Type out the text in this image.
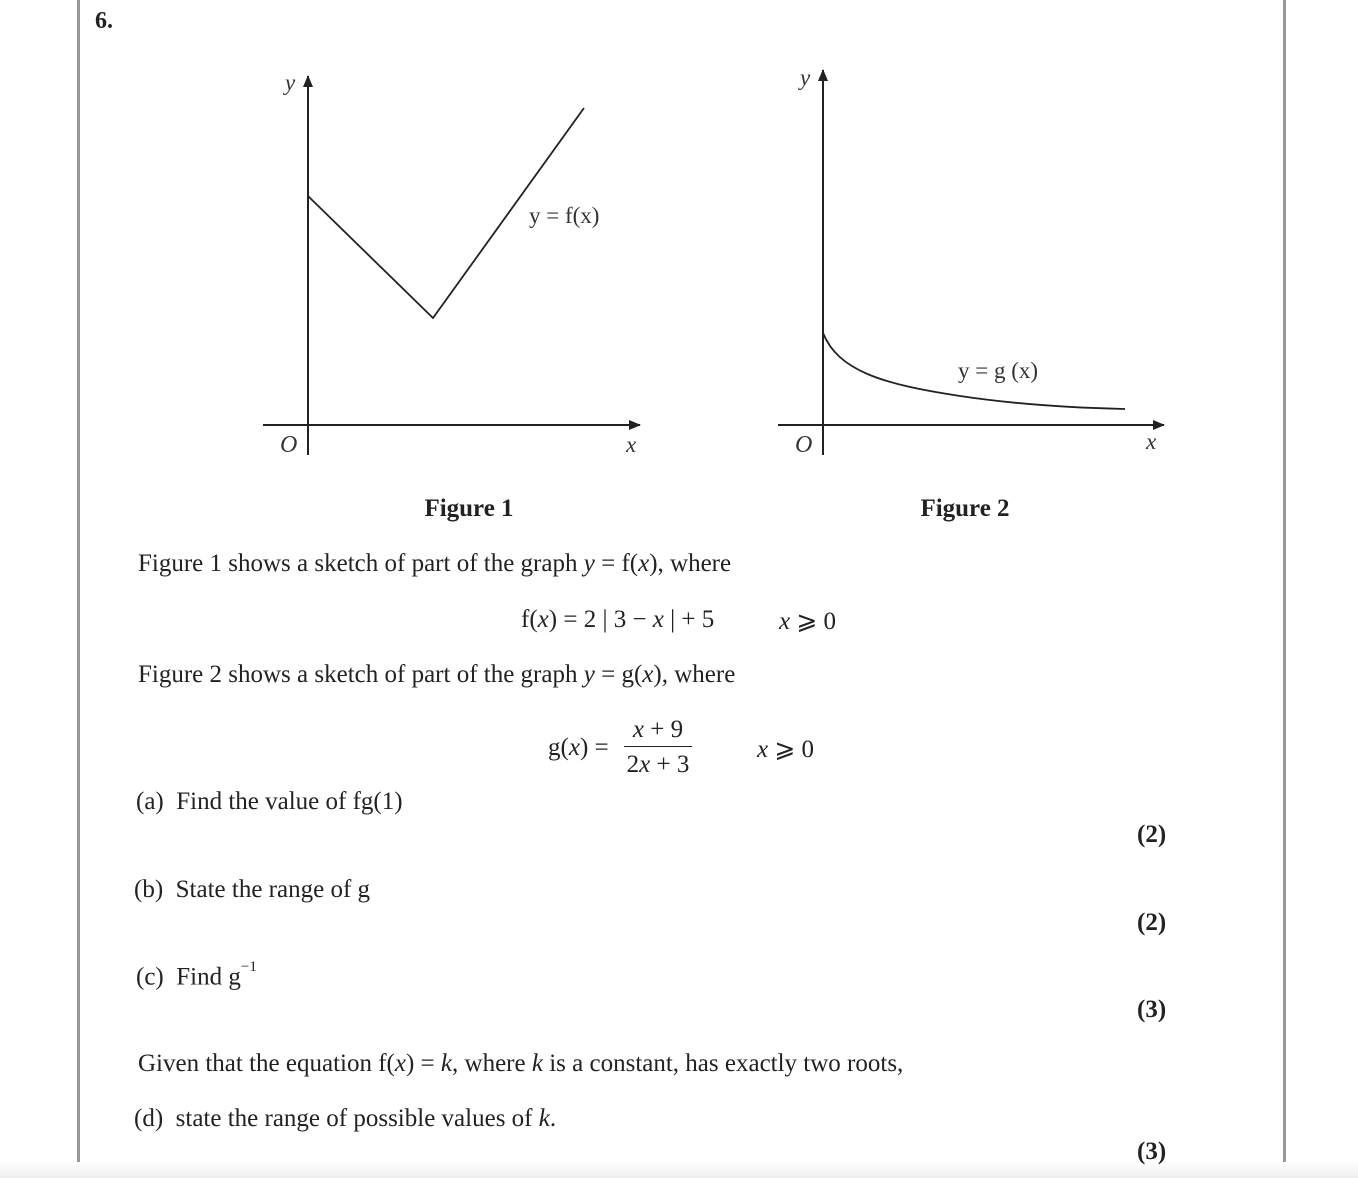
6.
y
x
O
y = f(x)
y
x
O
y = g (x)
Figure 1	Figure 2
Figure 1 shows a sketch of part of the graph y = f(x), where
f(x) = 2 | 3 − x | + 5	x ⩾ 0
Figure 2 shows a sketch of part of the graph y = g(x), where
g(x) =
x + 9
2x + 3
x ⩾ 0
(a) Find the value of fg(1)
(2)
(b) State the range of g
(2)
(c) Find $g^{-1}$
(3)
Given that the equation f(x) = k, where k is a constant, has exactly two roots,
(d) state the range of possible values of k.
(3)
